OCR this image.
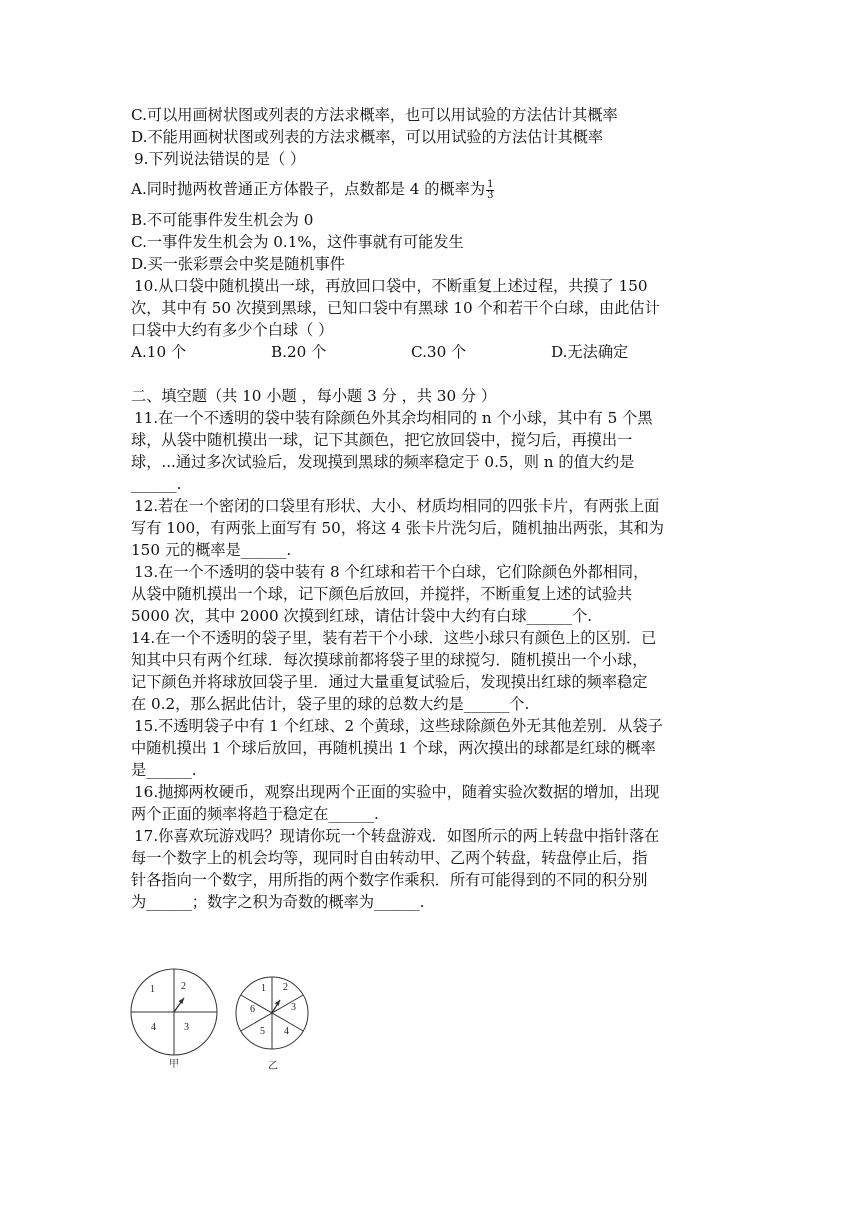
C.可以用画树状图或列表的方法求概率，也可以用试验的方法估计其概率
D.不能用画树状图或列表的方法求概率，可以用试验的方法估计其概率
9.下列说法错误的是（ ）
A.同时抛两枚普通正方体骰子，点数都是 4 的概率为 $\frac{1}{3}$
B.不可能事件发生机会为 0
C.一事件发生机会为 0.1%，这件事就有可能发生
D.买一张彩票会中奖是随机事件
10.从口袋中随机摸出一球，再放回口袋中，不断重复上述过程，共摸了 150
次，其中有 50 次摸到黑球，已知口袋中有黑球 10 个和若干个白球，由此估计
口袋中大约有多少个白球（ ）
A.10 个	B.20 个	C.30 个	D.无法确定
二、填空题（共 10 小题 ，每小题 3 分 ，共 30 分 ）
11.在一个不透明的袋中装有除颜色外其余均相同的 n 个小球，其中有 5 个黑
球，从袋中随机摸出一球，记下其颜色，把它放回袋中，搅匀后，再摸出一
球，...通过多次试验后，发现摸到黑球的频率稳定于 0.5，则 n 的值大约是
______.
12.若在一个密闭的口袋里有形状、大小、材质均相同的四张卡片，有两张上面
写有 100，有两张上面写有 50，将这 4 张卡片洗匀后，随机抽出两张，其和为
150 元的概率是______.
13.在一个不透明的袋中装有 8 个红球和若干个白球，它们除颜色外都相同，
从袋中随机摸出一个球，记下颜色后放回，并搅拌，不断重复上述的试验共
5000 次，其中 2000 次摸到红球，请估计袋中大约有白球______个.
14.在一个不透明的袋子里，装有若干个小球．这些小球只有颜色上的区别．已
知其中只有两个红球．每次摸球前都将袋子里的球搅匀．随机摸出一个小球，
记下颜色并将球放回袋子里．通过大量重复试验后，发现摸出红球的频率稳定
在 0.2，那么据此估计，袋子里的球的总数大约是______个.
15.不透明袋子中有 1 个红球、2 个黄球，这些球除颜色外无其他差别．从袋子
中随机摸出 1 个球后放回，再随机摸出 1 个球，两次摸出的球都是红球的概率
是______.
16.抛掷两枚硬币，观察出现两个正面的实验中，随着实验次数据的增加，出现
两个正面的频率将趋于稳定在______.
17.你喜欢玩游戏吗？现请你玩一个转盘游戏．如图所示的两上转盘中指针落在
每一个数字上的机会均等，现同时自由转动甲、乙两个转盘，转盘停止后，指
针各指向一个数字，用所指的两个数字作乘积．所有可能得到的不同的积分别
为______；数字之积为奇数的概率为______.
1	2
3
4
甲
1 2
3
4
5
6
乙
